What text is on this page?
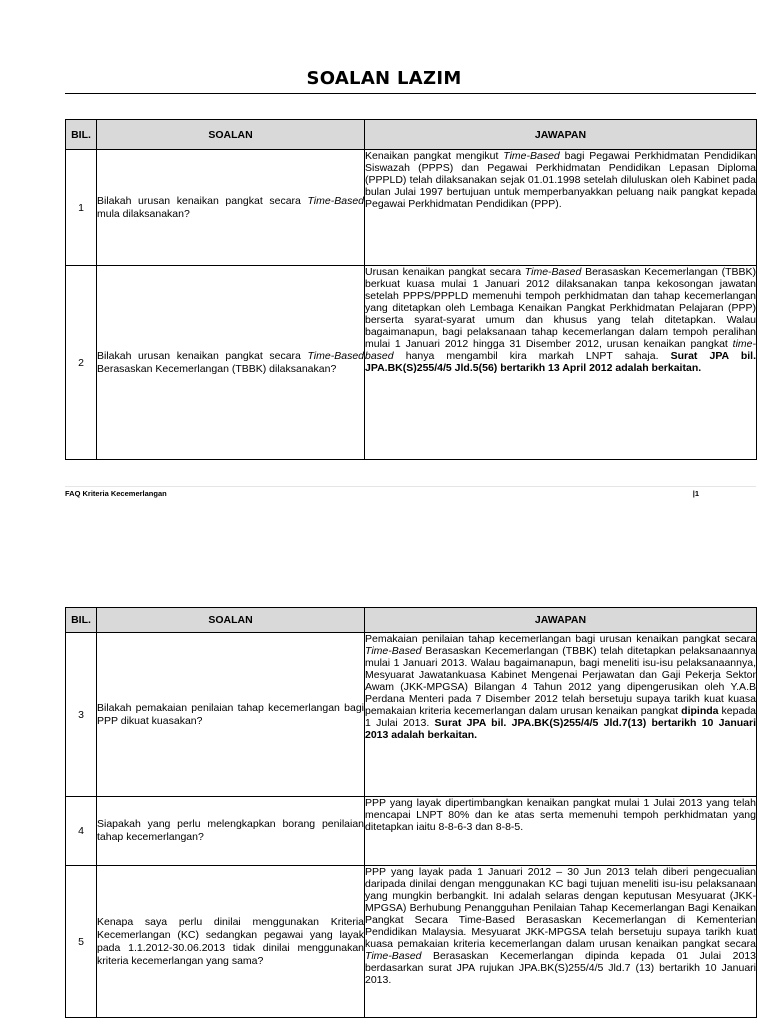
SOALAN LAZIM
BIL.	SOALAN	JAWAPAN
1	Bilakah urusan kenaikan pangkat secara Time-Based mula dilaksanakan?	Kenaikan pangkat mengikut Time-Based bagi Pegawai Perkhidmatan Pendidikan Siswazah (PPPS) dan Pegawai Perkhidmatan Pendidikan Lepasan Diploma (PPPLD) telah dilaksanakan sejak 01.01.1998 setelah diluluskan oleh Kabinet pada bulan Julai 1997 bertujuan untuk memperbanyakkan peluang naik pangkat kepada Pegawai Perkhidmatan Pendidikan (PPP).
2	Bilakah urusan kenaikan pangkat secara Time-Based Berasaskan Kecemerlangan (TBBK) dilaksanakan?	Urusan kenaikan pangkat secara Time-Based Berasaskan Kecemerlangan (TBBK) berkuat kuasa mulai 1 Januari 2012 dilaksanakan tanpa kekosongan jawatan setelah PPPS/PPPLD memenuhi tempoh perkhidmatan dan tahap kecemerlangan yang ditetapkan oleh Lembaga Kenaikan Pangkat Perkhidmatan Pelajaran (PPP) berserta syarat-syarat umum dan khusus yang telah ditetapkan. Walau bagaimanapun, bagi pelaksanaan tahap kecemerlangan dalam tempoh peralihan mulai 1 Januari 2012 hingga 31 Disember 2012, urusan kenaikan pangkat time-based hanya mengambil kira markah LNPT sahaja. Surat JPA bil. JPA.BK(S)255/4/5 Jld.5(56) bertarikh 13 April 2012 adalah berkaitan.
FAQ Kriteria Kecemerlangan	|1
BIL.	SOALAN	JAWAPAN
3	Bilakah pemakaian penilaian tahap kecemerlangan bagi PPP dikuat kuasakan?	Pemakaian penilaian tahap kecemerlangan bagi urusan kenaikan pangkat secara Time-Based Berasaskan Kecemerlangan (TBBK) telah ditetapkan pelaksanaannya mulai 1 Januari 2013. Walau bagaimanapun, bagi meneliti isu-isu pelaksanaannya, Mesyuarat Jawatankuasa Kabinet Mengenai Perjawatan dan Gaji Pekerja Sektor Awam (JKK-MPGSA) Bilangan 4 Tahun 2012 yang dipengerusikan oleh Y.A.B Perdana Menteri pada 7 Disember 2012 telah bersetuju supaya tarikh kuat kuasa pemakaian kriteria kecemerlangan dalam urusan kenaikan pangkat dipinda kepada 1 Julai 2013. Surat JPA bil. JPA.BK(S)255/4/5 Jld.7(13) bertarikh 10 Januari 2013 adalah berkaitan.
4	Siapakah yang perlu melengkapkan borang penilaian tahap kecemerlangan?	PPP yang layak dipertimbangkan kenaikan pangkat mulai 1 Julai 2013 yang telah mencapai LNPT 80% dan ke atas serta memenuhi tempoh perkhidmatan yang ditetapkan iaitu 8-8-6-3 dan 8-8-5.
5	Kenapa saya perlu dinilai menggunakan Kriteria Kecemerlangan (KC) sedangkan pegawai yang layak pada 1.1.2012-30.06.2013 tidak dinilai menggunakan kriteria kecemerlangan yang sama?	PPP yang layak pada 1 Januari 2012 – 30 Jun 2013 telah diberi pengecualian daripada dinilai dengan menggunakan KC bagi tujuan meneliti isu-isu pelaksanaan yang mungkin berbangkit. Ini adalah selaras dengan keputusan Mesyuarat (JKK-MPGSA) Berhubung Penangguhan Penilaian Tahap Kecemerlangan Bagi Kenaikan Pangkat Secara Time-Based Berasaskan Kecemerlangan di Kementerian Pendidikan Malaysia. Mesyuarat JKK-MPGSA telah bersetuju supaya tarikh kuat kuasa pemakaian kriteria kecemerlangan dalam urusan kenaikan pangkat secara Time-Based Berasaskan Kecemerlangan dipinda kepada 01 Julai 2013 berdasarkan surat JPA rujukan JPA.BK(S)255/4/5 Jld.7 (13) bertarikh 10 Januari 2013.
